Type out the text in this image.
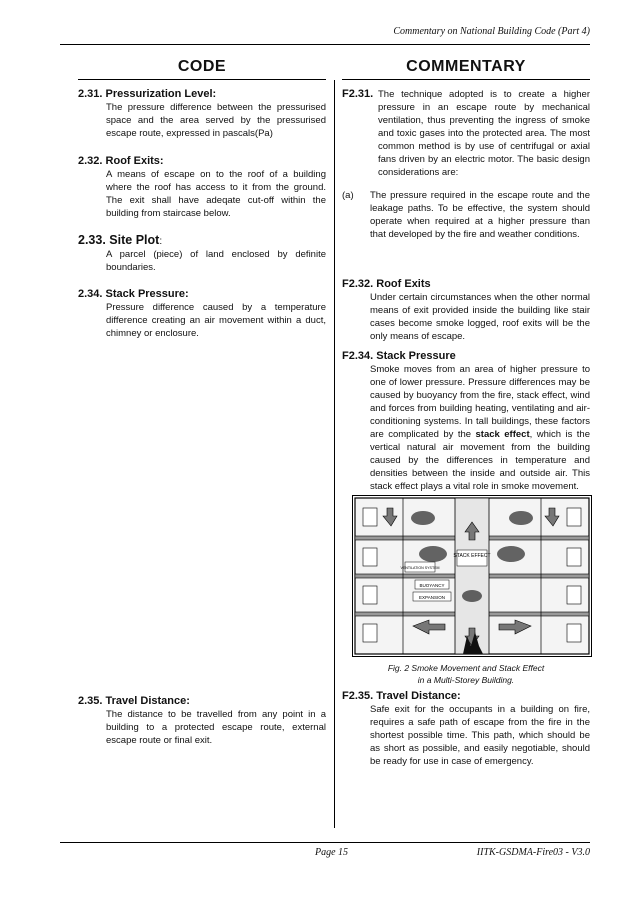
Commentary on National Building Code (Part 4)
CODE	COMMENTARY
2.31. Pressurization Level:
The pressure difference between the pressurised space and the area served by the pressurised escape route, expressed in pascals(Pa)
2.32. Roof Exits:
A means of escape on to the roof of a building where the roof has access to it from the ground. The exit shall have adeqate cut-off within the building from staircase below.
2.33. Site Plot:
A parcel (piece) of land enclosed by definite boundaries.
2.34. Stack Pressure:
Pressure difference caused by a temperature difference creating an air movement within a duct, chimney or enclosure.
2.35. Travel Distance:
The distance to be travelled from any point in a building to a protected escape route, external escape route or final exit.
F2.31. The technique adopted is to create a higher pressure in an escape route by mechanical ventilation, thus preventing the ingress of smoke and toxic gases into the protected area. The most common method is by use of centrifugal or axial fans driven by an electric motor. The basic design considerations are:
(a)	The pressure required in the escape route and the leakage paths. To be effective, the system should operate when required at a higher pressure than that developed by the fire and weather conditions.
F2.32. Roof Exits
Under certain circumstances when the other normal means of exit provided inside the building like stair cases become smoke logged, roof exits will be the only means of escape.
F2.34. Stack Pressure
Smoke moves from an area of higher pressure to one of lower pressure. Pressure differences may be caused by buoyancy from the fire, stack effect, wind and forces from building heating, ventilating and air-conditioning systems. In tall buildings, these factors are complicated by the stack effect, which is the vertical natural air movement from the building caused by the differences in temperature and densities between the inside and outside air. This stack effect plays a vital role in smoke movement.
STACK EFFECT
VENTILATION SYSTEM
BUOYANCY
EXPANSION
Fig. 2 Smoke Movement and Stack Effect
in a Multi-Storey Building.
F2.35. Travel Distance:
Safe exit for the occupants in a building on fire, requires a safe path of escape from the fire in the shortest possible time. This path, which should be as short as possible, and easily negotiable, should be ready for use in case of emergency.
Page 15	IITK-GSDMA-Fire03 - V3.0
